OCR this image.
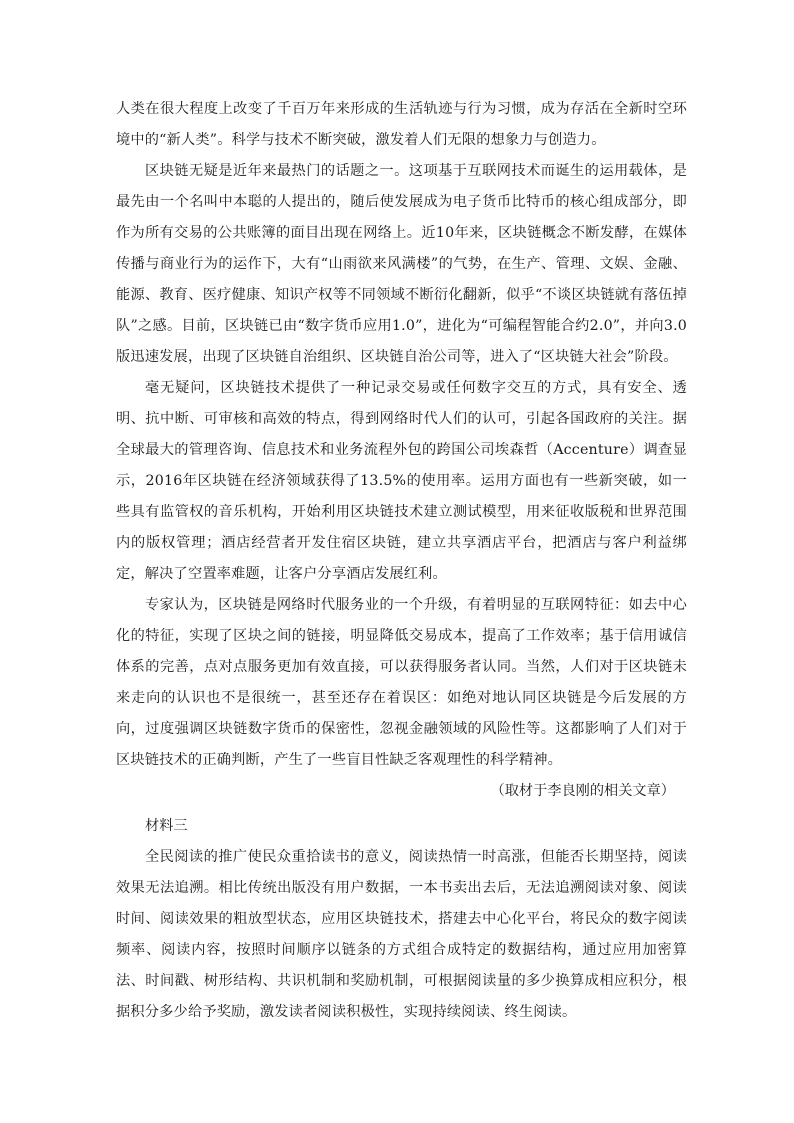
人类在很大程度上改变了千百万年来形成的生活轨迹与行为习惯，成为存活在全新时空环境中的“新人类”。科学与技术不断突破，激发着人们无限的想象力与创造力。

区块链无疑是近年来最热门的话题之一。这项基于互联网技术而诞生的运用载体，是最先由一个名叫中本聪的人提出的，随后使发展成为电子货币比特币的核心组成部分，即作为所有交易的公共账簿的面目出现在网络上。近10年来，区块链概念不断发酵，在媒体传播与商业行为的运作下，大有“山雨欲来风满楼”的气势，在生产、管理、文娱、金融、能源、教育、医疗健康、知识产权等不同领域不断衍化翻新，似乎“不谈区块链就有落伍掉队”之感。目前，区块链已由“数字货币应用1.0”，进化为“可编程智能合约2.0”，并向3.0版迅速发展，出现了区块链自治组织、区块链自治公司等，进入了“区块链大社会”阶段。

毫无疑问，区块链技术提供了一种记录交易或任何数字交互的方式，具有安全、透明、抗中断、可审核和高效的特点，得到网络时代人们的认可，引起各国政府的关注。据全球最大的管理咨询、信息技术和业务流程外包的跨国公司埃森哲（Accenture）调查显示，2016年区块链在经济领域获得了13.5%的使用率。运用方面也有一些新突破，如一些具有监管权的音乐机构，开始利用区块链技术建立测试模型，用来征收版税和世界范围内的版权管理；酒店经营者开发住宿区块链，建立共享酒店平台，把酒店与客户利益绑定，解决了空置率难题，让客户分享酒店发展红利。

专家认为，区块链是网络时代服务业的一个升级，有着明显的互联网特征：如去中心化的特征，实现了区块之间的链接，明显降低交易成本，提高了工作效率；基于信用诚信体系的完善，点对点服务更加有效直接，可以获得服务者认同。当然，人们对于区块链未来走向的认识也不是很统一，甚至还存在着误区：如绝对地认同区块链是今后发展的方向，过度强调区块链数字货币的保密性，忽视金融领域的风险性等。这都影响了人们对于区块链技术的正确判断，产生了一些盲目性缺乏客观理性的科学精神。

（取材于李良刚的相关文章）

材料三

全民阅读的推广使民众重拾读书的意义，阅读热情一时高涨，但能否长期坚持，阅读效果无法追溯。相比传统出版没有用户数据，一本书卖出去后，无法追溯阅读对象、阅读时间、阅读效果的粗放型状态，应用区块链技术，搭建去中心化平台，将民众的数字阅读频率、阅读内容，按照时间顺序以链条的方式组合成特定的数据结构，通过应用加密算法、时间戳、树形结构、共识机制和奖励机制，可根据阅读量的多少换算成相应积分，根据积分多少给予奖励，激发读者阅读积极性，实现持续阅读、终生阅读。
